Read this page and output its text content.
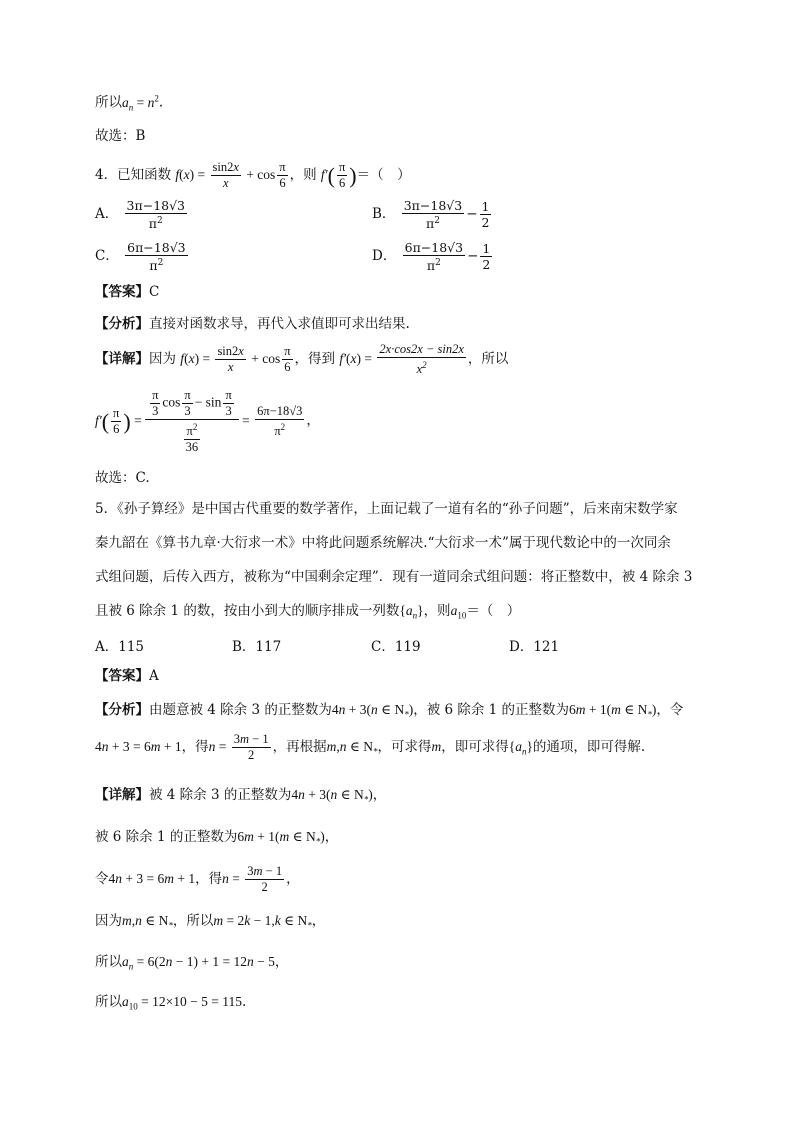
所以$a_n = n^2$.
故选：B
4．已知函数 $f(x) = \frac{\sin 2x}{x} + \cos \frac{\pi}{6}$ ，则 $f'( \frac{\pi}{6}$ )＝（　）
A． $\frac{3\pi-18√3}{\pi^2}$	B． $\frac{3\pi-18√3}{\pi^2} - \frac{1}{2}$
C． $\frac{6\pi-18√3}{\pi^2}$	D． $\frac{6\pi-18√3}{\pi^2} - \frac{1}{2}$
【答案】C
【分析】直接对函数求导，再代入求值即可求出结果.
【详解】因为 $f(x) = \frac{\sin 2x}{x} + \cos \frac{\pi}{6}$ ，得到 $f'(x) = \frac{2x\cdot\cos 2x - \sin 2x}{x^2}$ ，所以
$f'( \frac{\pi}{6}$ ) = $\frac{\frac{\pi}{3} \cos \frac{\pi}{3} - \sin \frac{\pi}{3}}{\frac{\pi^2}{36}} = \frac{6\pi-18√3}{\pi^2}$ ，
故选：C.
5．《孙子算经》是中国古代重要的数学著作，上面记载了一道有名的“孙子问题”，后来南宋数学家
秦九韶在《算书九章·大衍求一术》中将此问题系统解决.“大衍求一术”属于现代数论中的一次同余
式组问题，后传入西方，被称为“中国剩余定理”．现有一道同余式组问题：将正整数中，被 4 除余 3
且被 6 除余 1 的数，按由小到大的顺序排成一列数$\{a_n\}$，则$a_{10}=$（　）
A．115	B．117	C．119	D．121
【答案】A
【分析】由题意被 4 除余 3 的正整数为4n + 3(n ∈ $N_*$)，被 6 除余 1 的正整数为6m + 1(m ∈ $N_*$)，令
4n + 3 = 6m + 1，得$n = \frac{3m - 1}{2}$ ，再根据m,n ∈ $N_*$，可求得m，即可求得$\{a_n\}$的通项，即可得解.
【详解】被 4 除余 3 的正整数为4n + 3(n ∈ $N_*$)，
被 6 除余 1 的正整数为6m + 1(m ∈ $N_*$)，
令4n + 3 = 6m + 1，得$n = \frac{3m - 1}{2}$ ，
因为m,n ∈ $N_*$，所以m = 2k − 1,k ∈ $N_*$，
所以$a_n = 6(2n - 1) + 1 = 12n - 5$，
所以$a_{10} = 12\times 10 - 5 = 115$.
